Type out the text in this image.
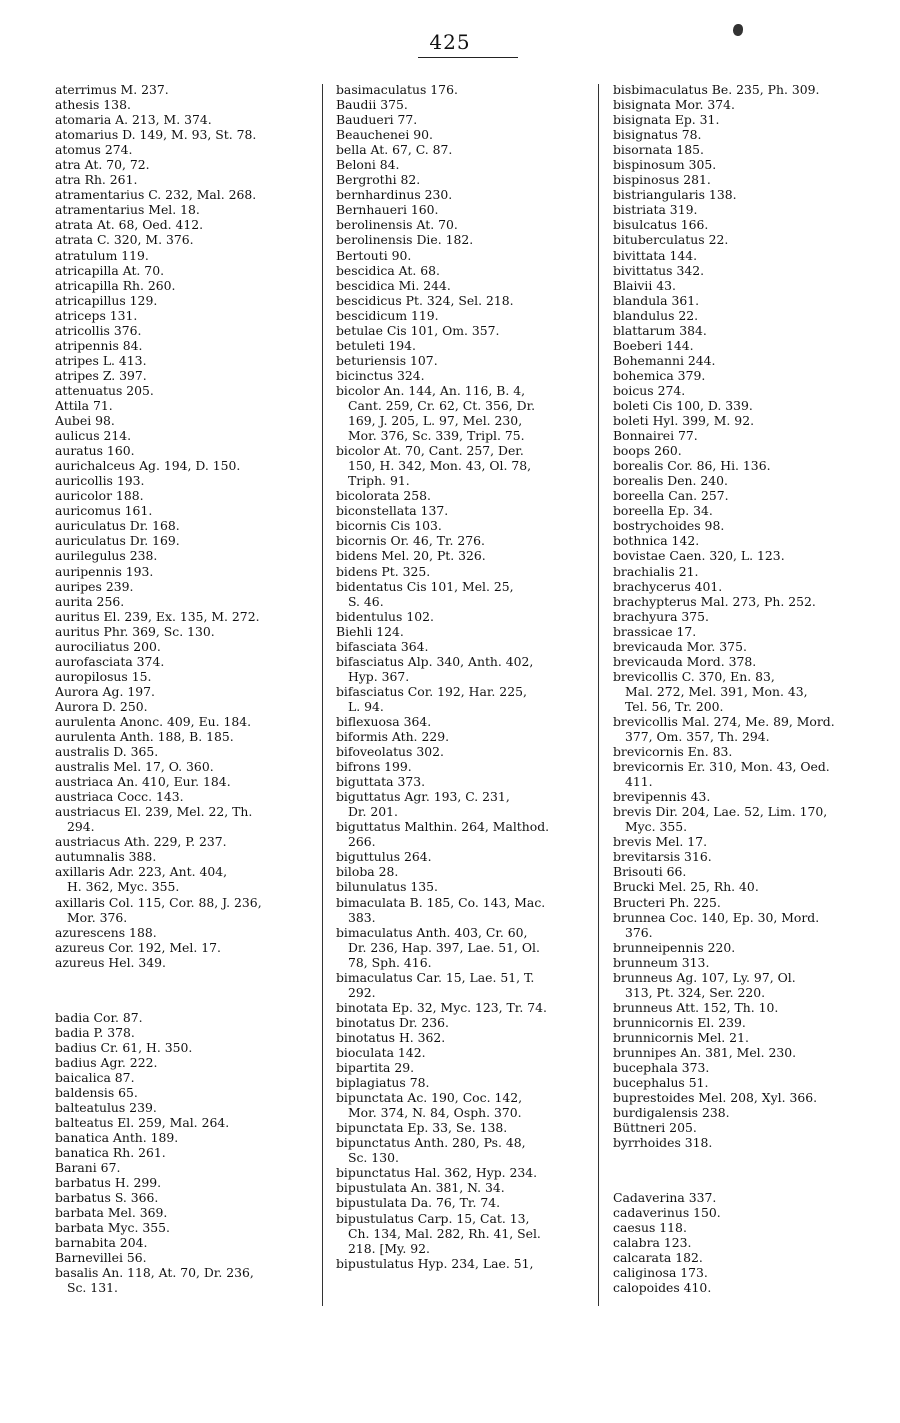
425

aterrimus M. 237.

athesis 138.

atomaria A. 213, M. 374.

atomarius D. 149, M. 93, St. 78.

atomus 274.

atra At. 70, 72.

atra Rh. 261.

atramentarius C. 232, Mal. 268.

atramentarius Mel. 18.

atrata At. 68, Oed. 412.

atrata C. 320, M. 376.

atratulum 119.

atricapilla At. 70.

atricapilla Rh. 260.

atricapillus 129.

atriceps 131.

atricollis 376.

atripennis 84.

atripes L. 413.

atripes Z. 397.

attenuatus 205.

Attila 71.

Aubei 98.

aulicus 214.

auratus 160.

aurichalceus Ag. 194, D. 150.

auricollis 193.

auricolor 188.

auricomus 161.

auriculatus Dr. 168.

auriculatus Dr. 169.

aurilegulus 238.

auripennis 193.

auripes 239.

aurita 256.

auritus El. 239, Ex. 135, M. 272.

auritus Phr. 369, Sc. 130.

aurociliatus 200.

aurofasciata 374.

auropilosus 15.

Aurora Ag. 197.

Aurora D. 250.

aurulenta Anonc. 409, Eu. 184.

aurulenta Anth. 188, B. 185.

australis D. 365.

australis Mel. 17, O. 360.

austriaca An. 410, Eur. 184.

austriaca Cocc. 143.

austriacus El. 239, Mel. 22, Th.
294.

austriacus Ath. 229, P. 237.

autumnalis 388.

axillaris Adr. 223, Ant. 404,
H. 362, Myc. 355.

axillaris Col. 115, Cor. 88, J. 236,
Mor. 376.

azurescens 188.

azureus Cor. 192, Mel. 17.

azureus Hel. 349.

badia Cor. 87.

badia P. 378.

badius Cr. 61, H. 350.

badius Agr. 222.

baicalica 87.

baldensis 65.

balteatulus 239.

balteatus El. 259, Mal. 264.

banatica Anth. 189.

banatica Rh. 261.

Barani 67.

barbatus H. 299.

barbatus S. 366.

barbata Mel. 369.

barbata Myc. 355.

barnabita 204.

Barnevillei 56.

basalis An. 118, At. 70, Dr. 236,
Sc. 131.

basimaculatus 176.

Baudii 375.

Baudueri 77.

Beauchenei 90.

bella At. 67, C. 87.

Beloni 84.

Bergrothi 82.

bernhardinus 230.

Bernhaueri 160.

berolinensis At. 70.

berolinensis Die. 182.

Bertouti 90.

bescidica At. 68.

bescidica Mi. 244.

bescidicus Pt. 324, Sel. 218.

bescidicum 119.

betulae Cis 101, Om. 357.

betuleti 194.

beturiensis 107.

bicinctus 324.

bicolor An. 144, An. 116, B. 4,
Cant. 259, Cr. 62, Ct. 356, Dr.
169, J. 205, L. 97, Mel. 230,
Mor. 376, Sc. 339, Tripl. 75.

bicolor At. 70, Cant. 257, Der.
150, H. 342, Mon. 43, Ol. 78,
Triph. 91.

bicolorata 258.

biconstellata 137.

bicornis Cis 103.

bicornis Or. 46, Tr. 276.

bidens Mel. 20, Pt. 326.

bidens Pt. 325.

bidentatus Cis 101, Mel. 25,
S. 46.

bidentulus 102.

Biehli 124.

bifasciata 364.

bifasciatus Alp. 340, Anth. 402,
Hyp. 367.

bifasciatus Cor. 192, Har. 225,
L. 94.

biflexuosa 364.

biformis Ath. 229.

bifoveolatus 302.

bifrons 199.

biguttata 373.

biguttatus Agr. 193, C. 231,
Dr. 201.

biguttatus Malthin. 264, Malthod.
266.

biguttulus 264.

biloba 28.

bilunulatus 135.

bimaculata B. 185, Co. 143, Mac.
383.

bimaculatus Anth. 403, Cr. 60,
Dr. 236, Hap. 397, Lae. 51, Ol.
78, Sph. 416.

bimaculatus Car. 15, Lae. 51, T.
292.

binotata Ep. 32, Myc. 123, Tr. 74.

binotatus Dr. 236.

binotatus H. 362.

bioculata 142.

bipartita 29.

biplagiatus 78.

bipunctata Ac. 190, Coc. 142,
Mor. 374, N. 84, Osph. 370.

bipunctata Ep. 33, Se. 138.

bipunctatus Anth. 280, Ps. 48,
Sc. 130.

bipunctatus Hal. 362, Hyp. 234.

bipustulata An. 381, N. 34.

bipustulata Da. 76, Tr. 74.

bipustulatus Carp. 15, Cat. 13,
Ch. 134, Mal. 282, Rh. 41, Sel.
218. [My. 92.

bipustulatus Hyp. 234, Lae. 51,

bisbimaculatus Be. 235, Ph. 309.

bisignata Mor. 374.

bisignata Ep. 31.

bisignatus 78.

bisornata 185.

bispinosum 305.

bispinosus 281.

bistriangularis 138.

bistriata 319.

bisulcatus 166.

bituberculatus 22.

bivittata 144.

bivittatus 342.

Blaivii 43.

blandula 361.

blandulus 22.

blattarum 384.

Boeberi 144.

Bohemanni 244.

bohemica 379.

boicus 274.

boleti Cis 100, D. 339.

boleti Hyl. 399, M. 92.

Bonnairei 77.

boops 260.

borealis Cor. 86, Hi. 136.

borealis Den. 240.

boreella Can. 257.

boreella Ep. 34.

bostrychoides 98.

bothnica 142.

bovistae Caen. 320, L. 123.

brachialis 21.

brachycerus 401.

brachypterus Mal. 273, Ph. 252.

brachyura 375.

brassicae 17.

brevicauda Mor. 375.

brevicauda Mord. 378.

brevicollis C. 370, En. 83,
Mal. 272, Mel. 391, Mon. 43,
Tel. 56, Tr. 200.

brevicollis Mal. 274, Me. 89, Mord.
377, Om. 357, Th. 294.

brevicornis En. 83.

brevicornis Er. 310, Mon. 43, Oed.
411.

brevipennis 43.

brevis Dir. 204, Lae. 52, Lim. 170,
Myc. 355.

brevis Mel. 17.

brevitarsis 316.

Brisouti 66.

Brucki Mel. 25, Rh. 40.

Bructeri Ph. 225.

brunnea Coc. 140, Ep. 30, Mord.
376.

brunneipennis 220.

brunneum 313.

brunneus Ag. 107, Ly. 97, Ol.
313, Pt. 324, Ser. 220.

brunneus Att. 152, Th. 10.

brunnicornis El. 239.

brunnicornis Mel. 21.

brunnipes An. 381, Mel. 230.

bucephala 373.

bucephalus 51.

buprestoides Mel. 208, Xyl. 366.

burdigalensis 238.

Büttneri 205.

byrrhoides 318.

Cadaverina 337.

cadaverinus 150.

caesus 118.

calabra 123.

calcarata 182.

caliginosa 173.

calopoides 410.
